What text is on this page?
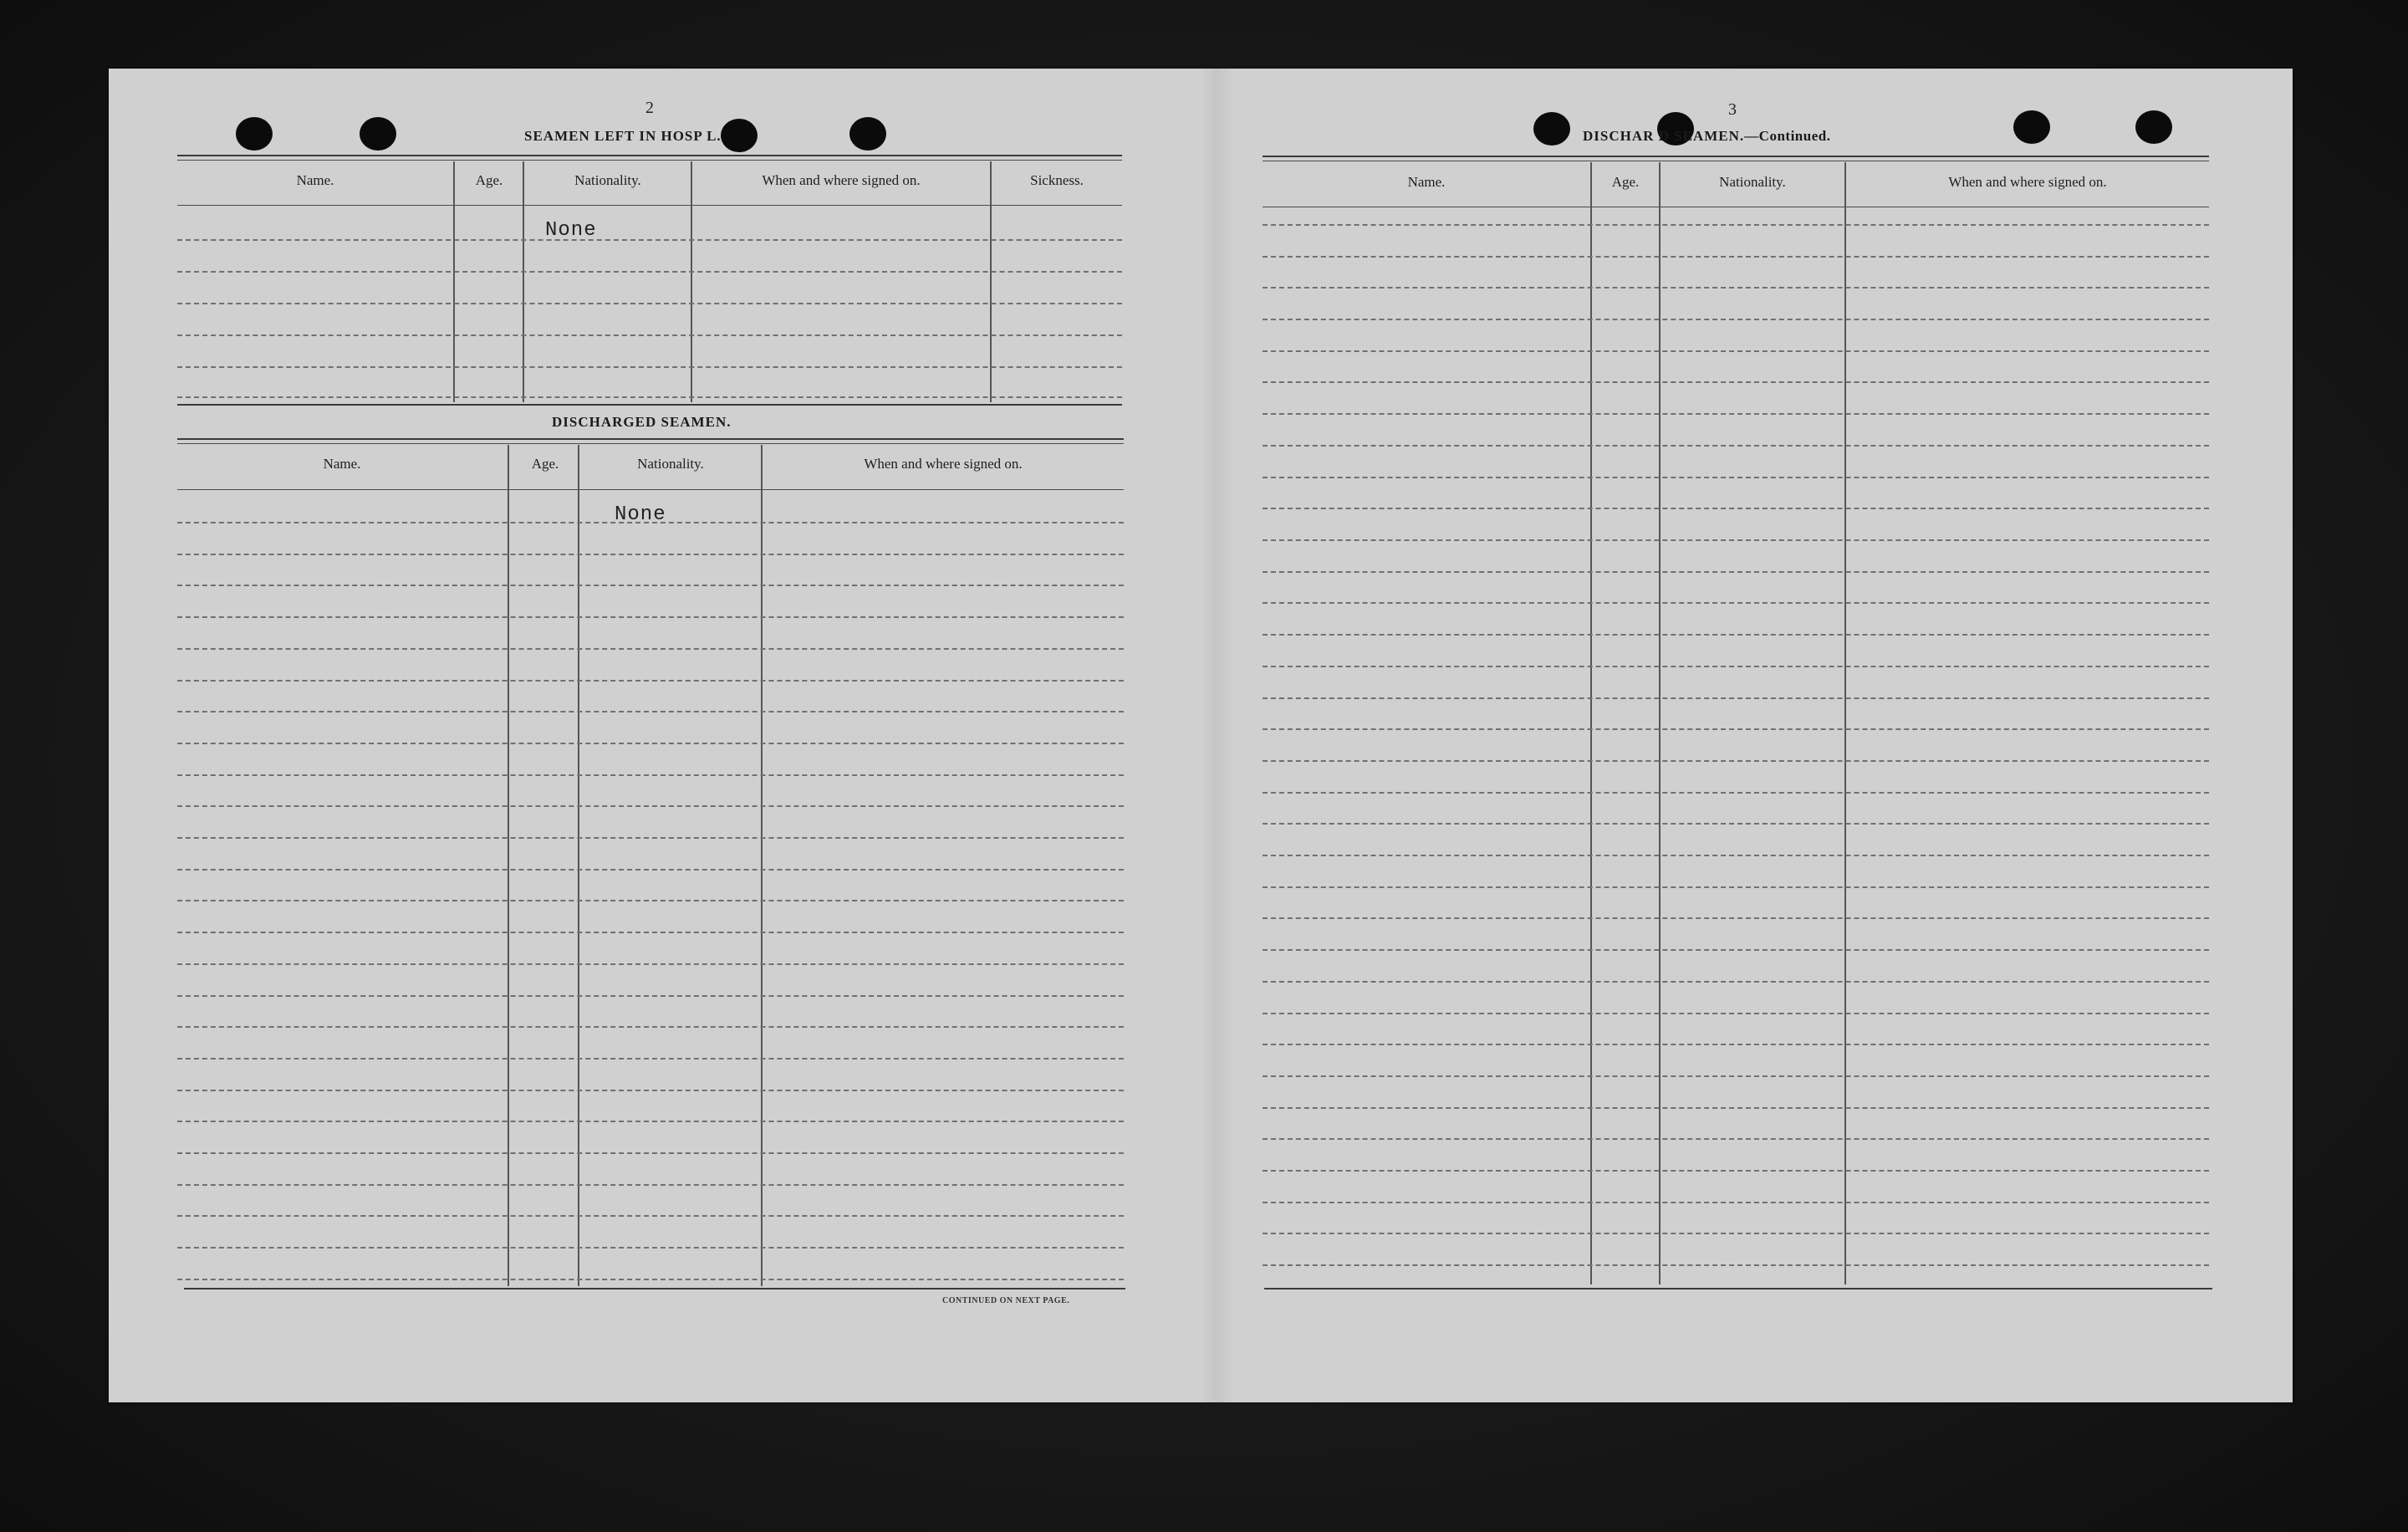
2
SEAMEN LEFT IN HOSP L.
Name.	Age.	Nationality.	When and where signed on.	Sickness.
None
DISCHARGED SEAMEN.
Name.	Age.	Nationality.	When and where signed on.
None
CONTINUED ON NEXT PAGE.
3
DISCHAR D SEAMEN.—Continued.
Name.	Age.	Nationality.	When and where signed on.
